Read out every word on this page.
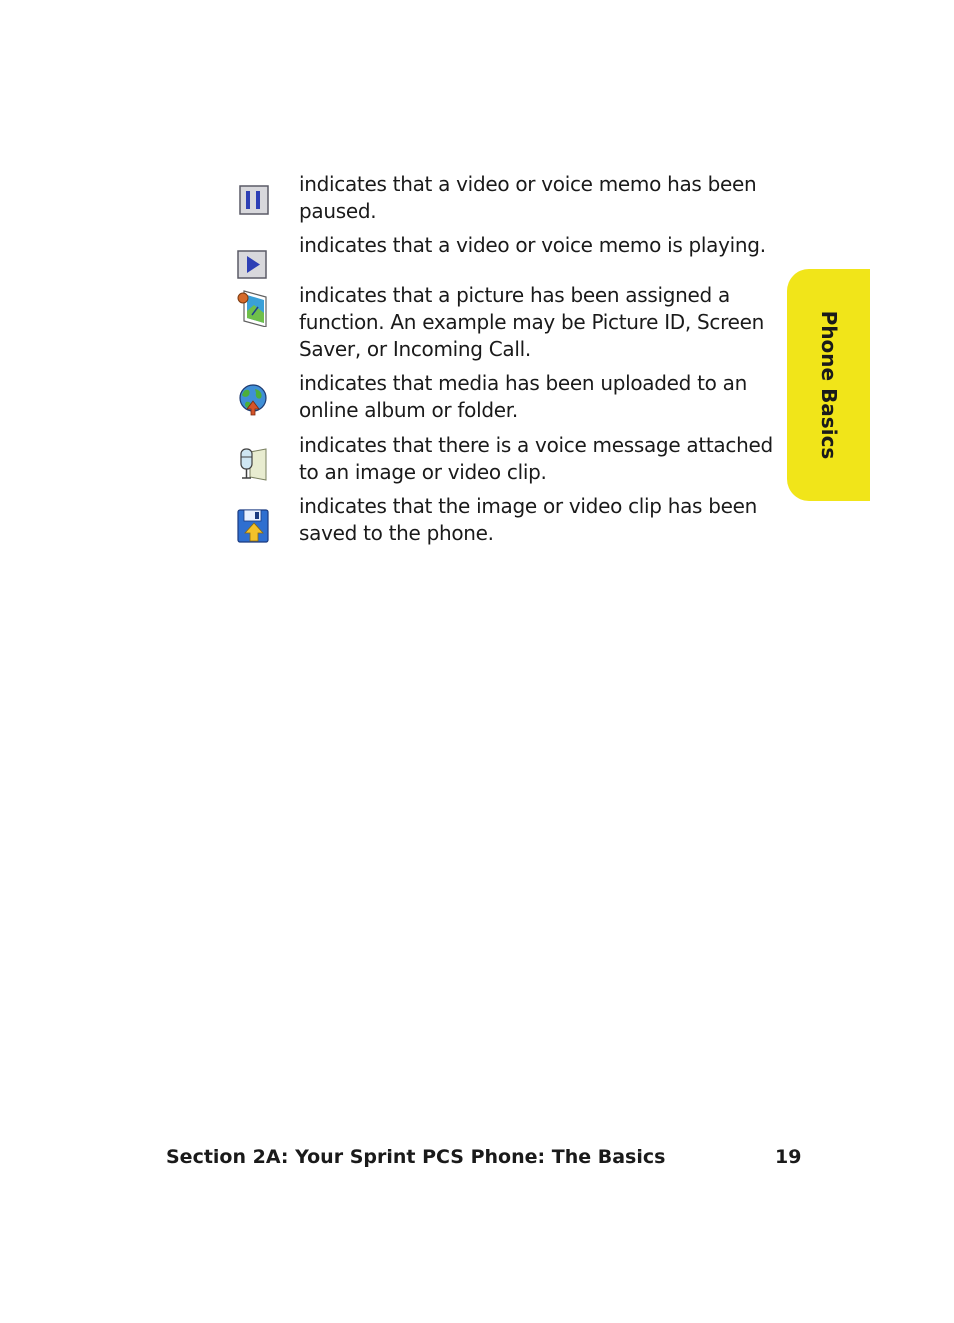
indicates that a video or voice memo has been paused.
indicates that a video or voice memo is playing.
indicates that a picture has been assigned a function. An example may be Picture ID, Screen Saver, or Incoming Call.
indicates that media has been uploaded to an online album or folder.
indicates that there is a voice message attached to an image or video clip.
indicates that the image or video clip has been saved to the phone.
Phone Basics
Section 2A: Your Sprint PCS Phone: The Basics	19
